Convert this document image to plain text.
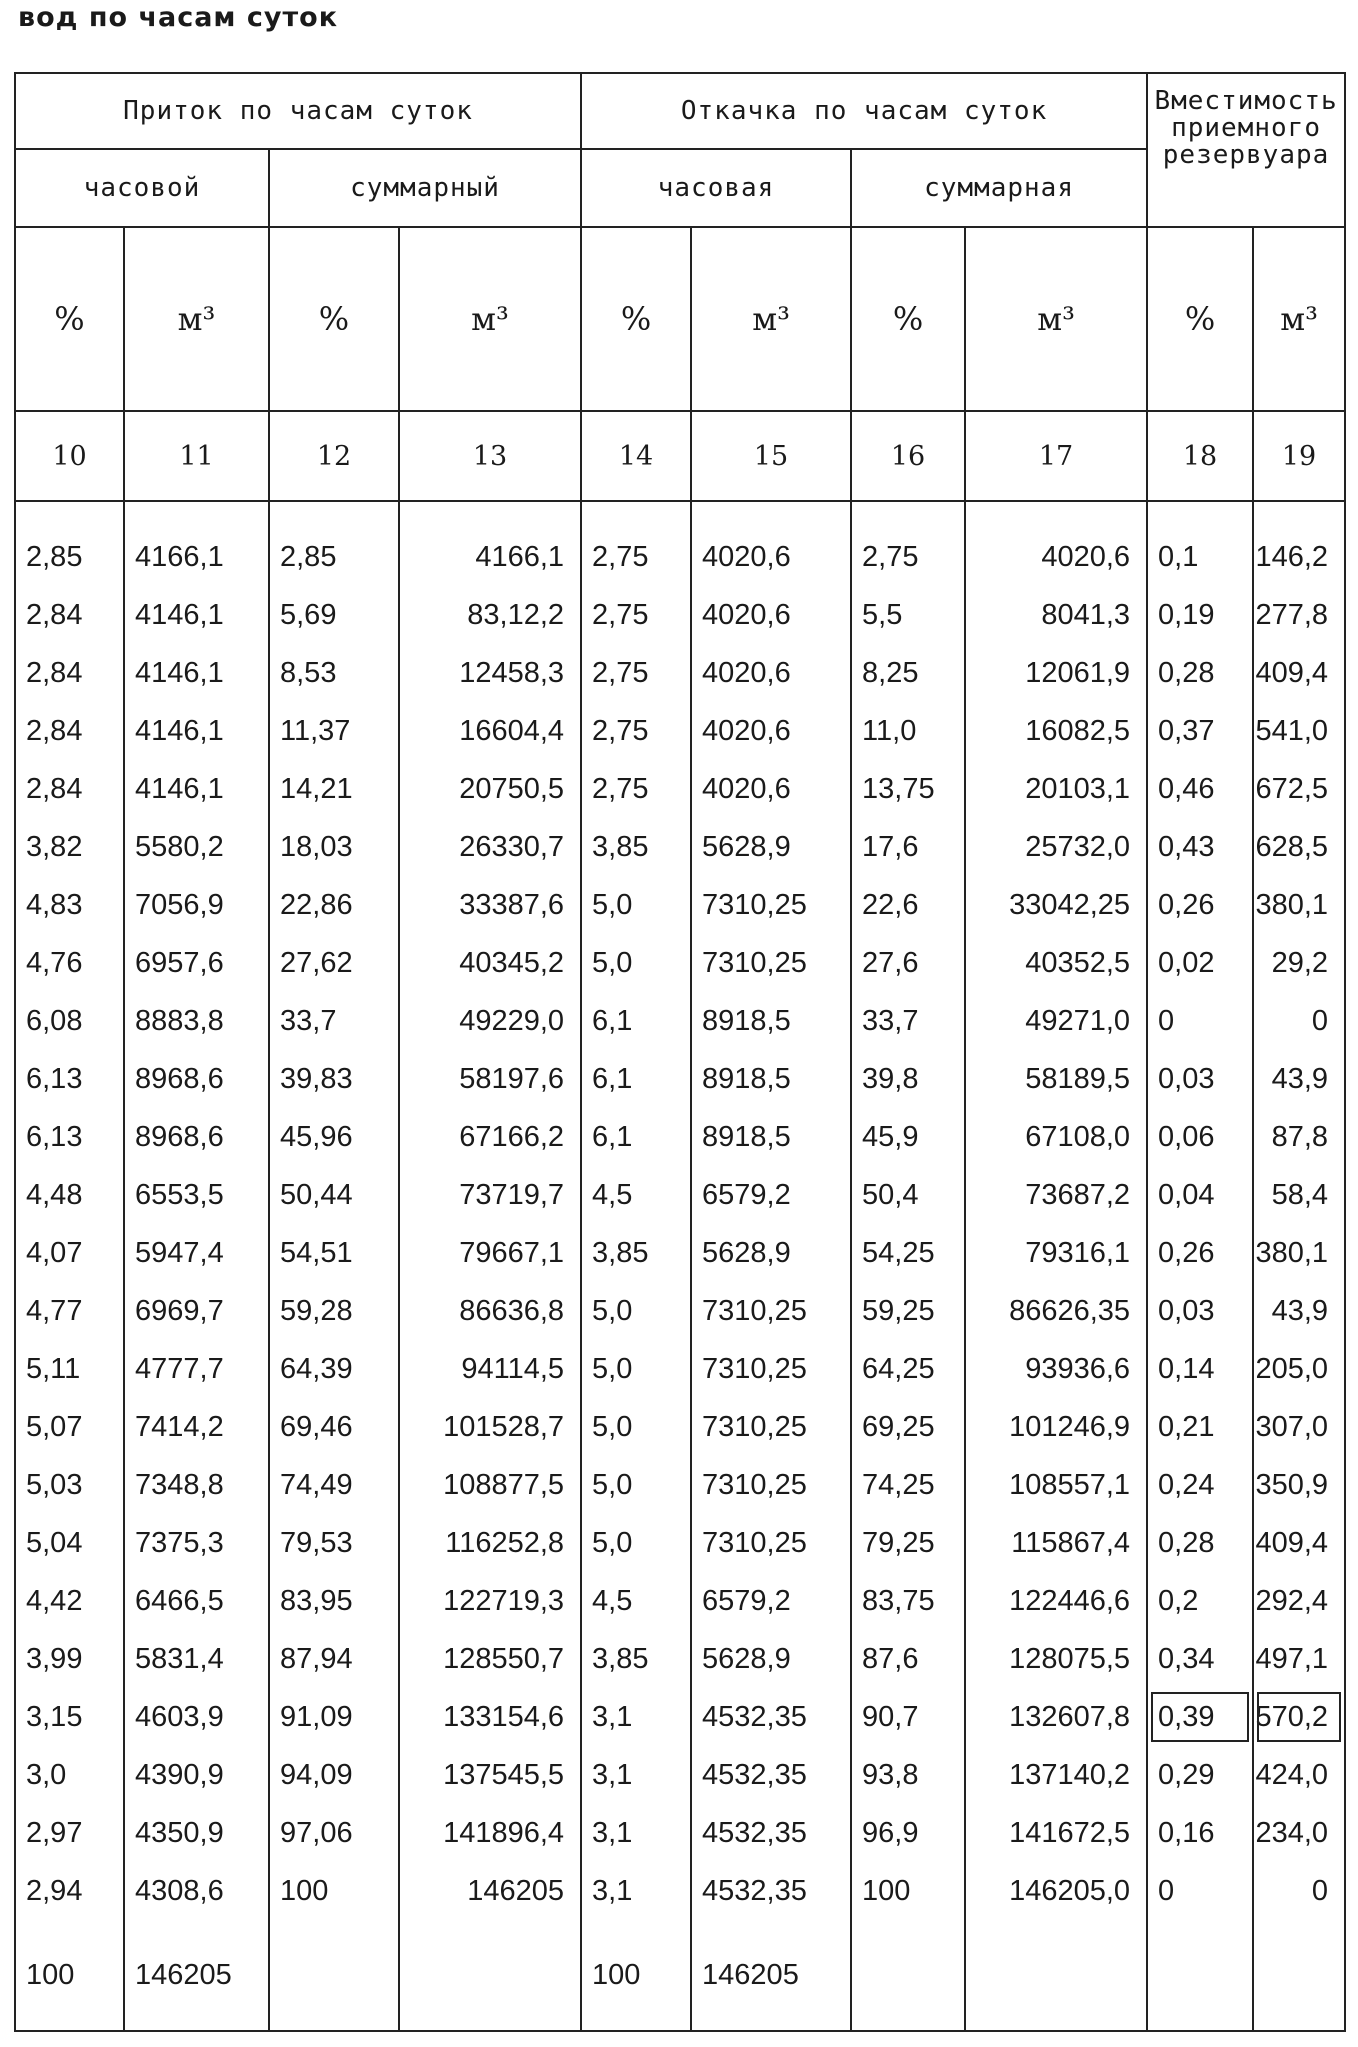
вод по часам суток
Приток по часам суток				Откачка по часам суток				Вместимость приемного резервуара	
часовой		суммарный		часовая		суммарная			
%	м³	%	м³	%	м³	%	м³	%	м³
10	11	12	13	14	15	16	17	18	19
2,85	4166,1	2,85	4166,1	2,75	4020,6	2,75	4020,6	0,1	146,2
2,84	4146,1	5,69	83,12,2	2,75	4020,6	5,5	8041,3	0,19	277,8
2,84	4146,1	8,53	12458,3	2,75	4020,6	8,25	12061,9	0,28	409,4
2,84	4146,1	11,37	16604,4	2,75	4020,6	11,0	16082,5	0,37	541,0
2,84	4146,1	14,21	20750,5	2,75	4020,6	13,75	20103,1	0,46	672,5
3,82	5580,2	18,03	26330,7	3,85	5628,9	17,6	25732,0	0,43	628,5
4,83	7056,9	22,86	33387,6	5,0	7310,25	22,6	33042,25	0,26	380,1
4,76	6957,6	27,62	40345,2	5,0	7310,25	27,6	40352,5	0,02	29,2
6,08	8883,8	33,7	49229,0	6,1	8918,5	33,7	49271,0	0	0
6,13	8968,6	39,83	58197,6	6,1	8918,5	39,8	58189,5	0,03	43,9
6,13	8968,6	45,96	67166,2	6,1	8918,5	45,9	67108,0	0,06	87,8
4,48	6553,5	50,44	73719,7	4,5	6579,2	50,4	73687,2	0,04	58,4
4,07	5947,4	54,51	79667,1	3,85	5628,9	54,25	79316,1	0,26	380,1
4,77	6969,7	59,28	86636,8	5,0	7310,25	59,25	86626,35	0,03	43,9
5,11	4777,7	64,39	94114,5	5,0	7310,25	64,25	93936,6	0,14	205,0
5,07	7414,2	69,46	101528,7	5,0	7310,25	69,25	101246,9	0,21	307,0
5,03	7348,8	74,49	108877,5	5,0	7310,25	74,25	108557,1	0,24	350,9
5,04	7375,3	79,53	116252,8	5,0	7310,25	79,25	115867,4	0,28	409,4
4,42	6466,5	83,95	122719,3	4,5	6579,2	83,75	122446,6	0,2	292,4
3,99	5831,4	87,94	128550,7	3,85	5628,9	87,6	128075,5	0,34	497,1
3,15	4603,9	91,09	133154,6	3,1	4532,35	90,7	132607,8	0,39	570,2
3,0	4390,9	94,09	137545,5	3,1	4532,35	93,8	137140,2	0,29	424,0
2,97	4350,9	97,06	141896,4	3,1	4532,35	96,9	141672,5	0,16	234,0
2,94	4308,6	100	146205	3,1	4532,35	100	146205,0	0	0
100	146205			100	146205				
